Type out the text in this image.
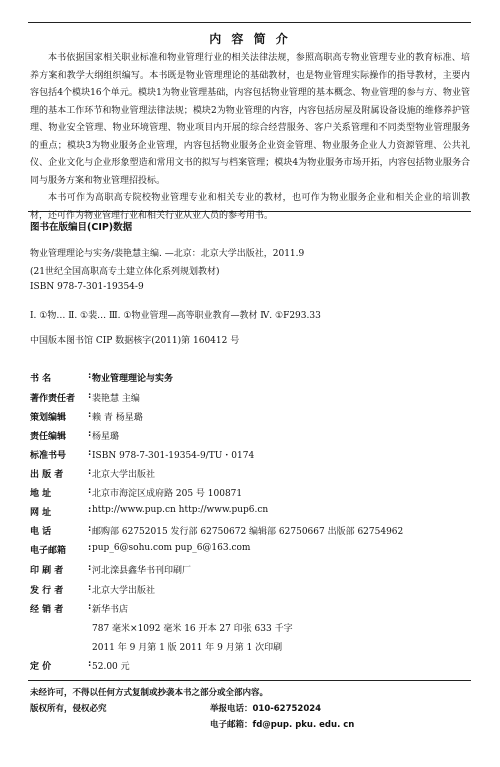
内 容 简 介

本书依据国家相关职业标准和物业管理行业的相关法律法规，参照高职高专物业管理专业的教育标准、培养方案和教学大纲组织编写。本书既是物业管理理论的基础教材，也是物业管理实际操作的指导教材，主要内容包括4个模块16个单元。模块1为物业管理基础，内容包括物业管理的基本概念、物业管理的参与方、物业管理的基本工作环节和物业管理法律法规；模块2为物业管理的内容，内容包括房屋及附属设备设施的维修养护管理、物业安全管理、物业环境管理、物业项目内开展的综合经营服务、客户关系管理和不同类型物业管理服务的重点；模块3为物业服务企业管理，内容包括物业服务企业资金管理、物业服务企业人力资源管理、公共礼仪、企业文化与企业形象塑造和常用文书的拟写与档案管理；模块4为物业服务市场开拓，内容包括物业服务合同与服务方案和物业管理招投标。

本书可作为高职高专院校物业管理专业和相关专业的教材，也可作为物业服务企业和相关企业的培训教材，还可作为物业管理行业和相关行业从业人员的参考用书。

图书在版编目(CIP)数据
物业管理理论与实务/裴艳慧主编. —北京：北京大学出版社，2011.9
(21世纪全国高职高专土建立体化系列规划教材)
ISBN 978-7-301-19354-9
Ⅰ. ①物… Ⅱ. ①裴… Ⅲ. ①物业管理—高等职业教育—教材 Ⅳ. ①F293.33
中国版本图书馆 CIP 数据核字(2011)第 160412 号
书 名	: 物业管理理论与实务
著作责任者	: 裴艳慧 主编
策划编辑	: 赖 青 杨星璐
责任编辑	: 杨星璐
标准书号	: ISBN 978-7-301-19354-9/TU・0174
出 版 者	: 北京大学出版社
地 址	: 北京市海淀区成府路 205 号 100871
网 址	: http://www.pup.cn http://www.pup6.cn
电 话	: 邮购部 62752015 发行部 62750672 编辑部 62750667 出版部 62754962
电子邮箱	: pup_6@sohu.com pup_6@163.com
印 刷 者	: 河北滦县鑫华书刊印刷厂
发 行 者	: 北京大学出版社
经 销 者	: 新华书店
787 毫米×1092 毫米 16 开本 27 印张 633 千字
2011 年 9 月第 1 版 2011 年 9 月第 1 次印刷
定 价	: 52.00 元
未经许可，不得以任何方式复制或抄袭本书之部分或全部内容。
版权所有，侵权必究	举报电话：010-62752024
电子邮箱：fd@pup. pku. edu. cn
